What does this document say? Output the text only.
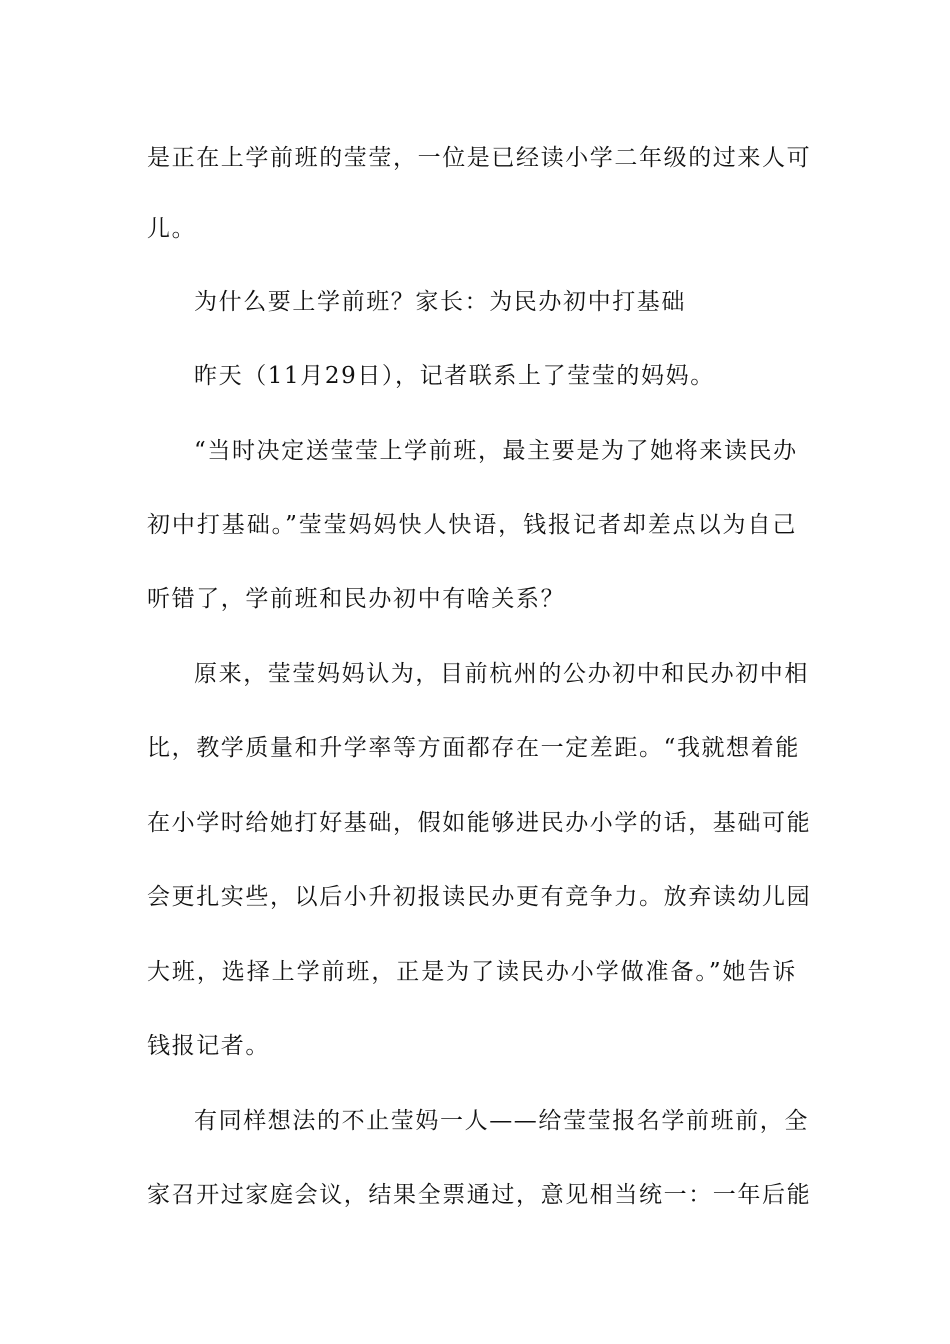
是正在上学前班的莹莹，一位是已经读小学二年级的过来人可
儿。
为什么要上学前班？家长：为民办初中打基础
昨天（11月29日），记者联系上了莹莹的妈妈。
“当时决定送莹莹上学前班，最主要是为了她将来读民办
初中打基础。”莹莹妈妈快人快语，钱报记者却差点以为自己
听错了，学前班和民办初中有啥关系？
原来，莹莹妈妈认为，目前杭州的公办初中和民办初中相
比，教学质量和升学率等方面都存在一定差距。“我就想着能
在小学时给她打好基础，假如能够进民办小学的话，基础可能
会更扎实些，以后小升初报读民办更有竞争力。放弃读幼儿园
大班，选择上学前班，正是为了读民办小学做准备。”她告诉
钱报记者。
有同样想法的不止莹妈一人——给莹莹报名学前班前，全
家召开过家庭会议，结果全票通过，意见相当统一：一年后能
